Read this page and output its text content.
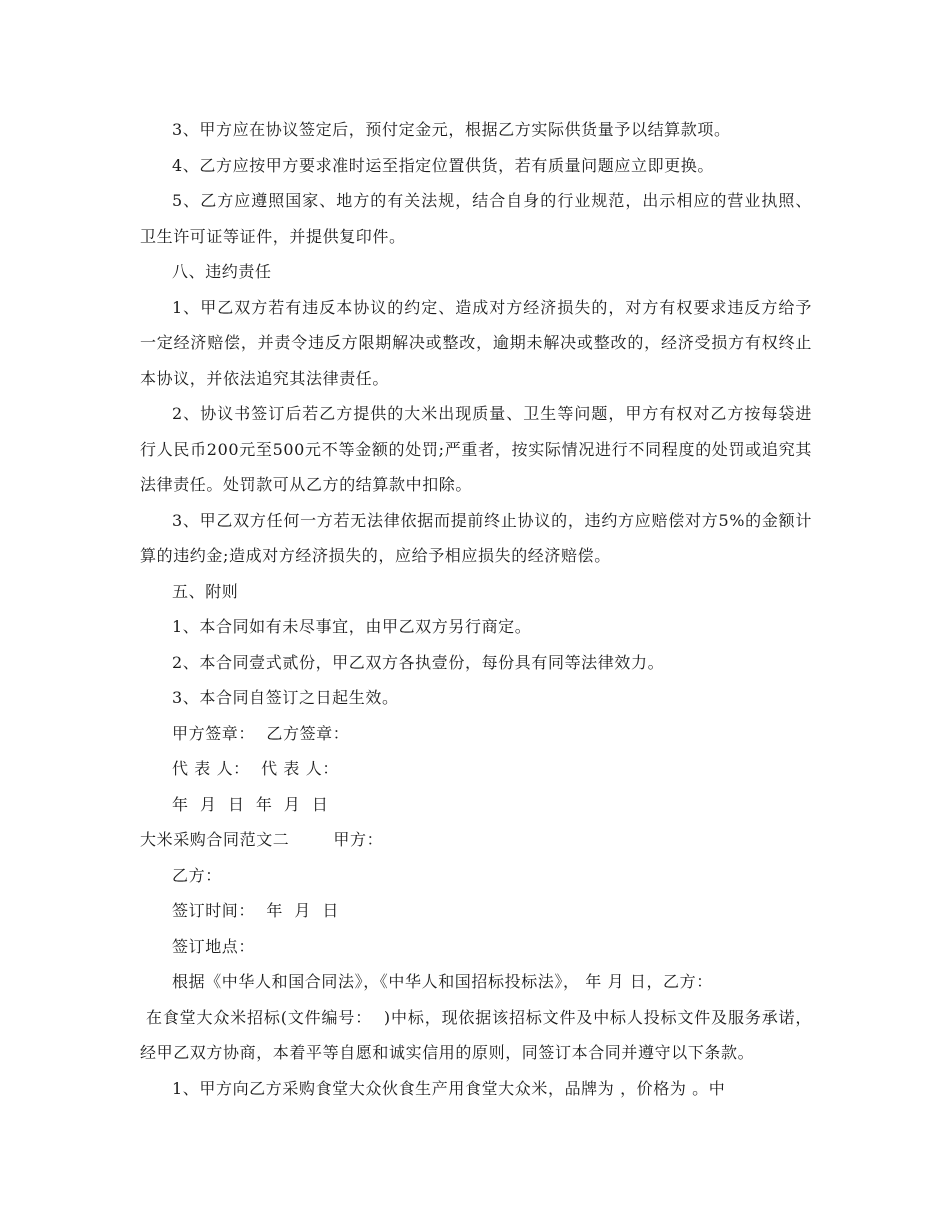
3、甲方应在协议签定后，预付定金元，根据乙方实际供货量予以结算款项。

4、乙方应按甲方要求准时运至指定位置供货，若有质量问题应立即更换。

5、乙方应遵照国家、地方的有关法规，结合自身的行业规范，出示相应的营业执照、卫生许可证等证件，并提供复印件。

八、违约责任

1、甲乙双方若有违反本协议的约定、造成对方经济损失的，对方有权要求违反方给予一定经济赔偿，并责令违反方限期解决或整改，逾期未解决或整改的，经济受损方有权终止本协议，并依法追究其法律责任。

2、协议书签订后若乙方提供的大米出现质量、卫生等问题，甲方有权对乙方按每袋进行人民币200元至500元不等金额的处罚;严重者，按实际情况进行不同程度的处罚或追究其法律责任。处罚款可从乙方的结算款中扣除。

3、甲乙双方任何一方若无法律依据而提前终止协议的，违约方应赔偿对方5%的金额计算的违约金;造成对方经济损失的，应给予相应损失的经济赔偿。

五、附则

1、本合同如有未尽事宜，由甲乙双方另行商定。

2、本合同壹式贰份，甲乙双方各执壹份，每份具有同等法律效力。

3、本合同自签订之日起生效。

甲方签章：  乙方签章：

代 表 人：  代 表 人：

年  月  日  年  月  日

大米采购合同范文二	甲方：

乙方：

签订时间：  年  月  日

签订地点：

根据《中华人和国合同法》，《中华人和国招标投标法》， 年 月 日，乙方：

在食堂大众米招标(文件编号：  )中标，现依据该招标文件及中标人投标文件及服务承诺，经甲乙双方协商，本着平等自愿和诚实信用的原则，同签订本合同并遵守以下条款。

1、甲方向乙方采购食堂大众伙食生产用食堂大众米，品牌为 ，价格为 。中
